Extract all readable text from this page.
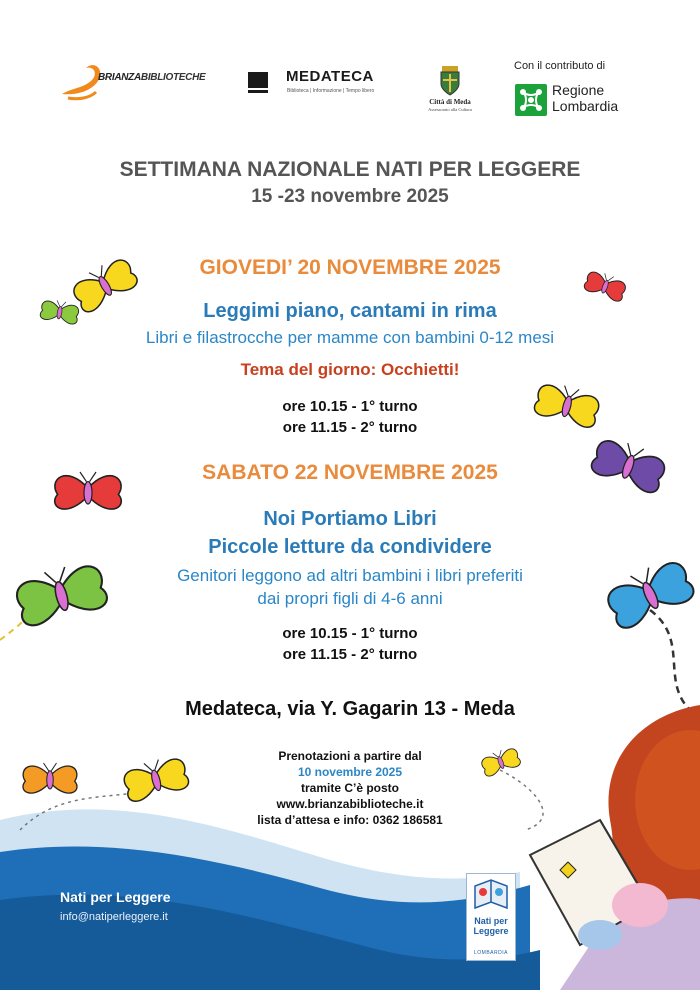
BRIANZABIBLIOTECHE	MEDATECA
Biblioteca | Informazione | Tempo libero
Città di Meda
Assessorato alla Cultura
Con il contributo di
Regione
Lombardia
SETTIMANA NAZIONALE NATI PER LEGGERE
15 -23 novembre 2025
GIOVEDI’ 20 NOVEMBRE 2025
Leggimi piano, cantami in rima
Libri e filastrocche per mamme con bambini 0-12 mesi
Tema del giorno: Occhietti!
ore 10.15 - 1° turno
ore 11.15 - 2° turno
SABATO 22 NOVEMBRE 2025
Noi Portiamo Libri
Piccole letture da condividere
Genitori leggono ad altri bambini i libri preferiti
dai propri figli di 4-6 anni
ore 10.15 - 1° turno
ore 11.15 - 2° turno
Medateca, via Y. Gagarin 13 - Meda
Prenotazioni a partire dal
10 novembre 2025
tramite C’è posto
www.brianzabiblioteche.it
lista d’attesa e info: 0362 186581
Nati per Leggere
info@natiperleggere.it	Nati per
Leggere
LOMBARDIA
